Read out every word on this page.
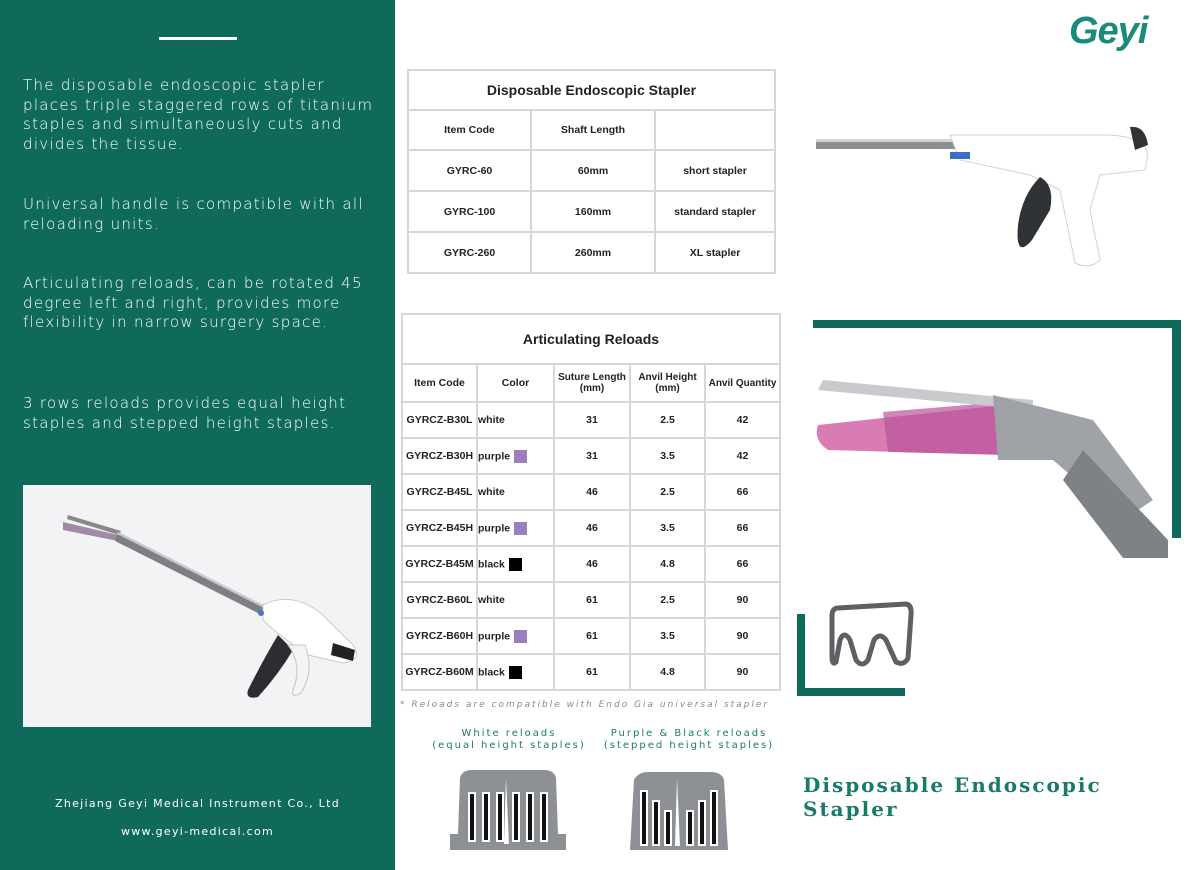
The disposable endoscopic stapler places triple staggered rows of titanium staples and simultaneously cuts and divides the tissue.
Universal handle is compatible with all reloading units.
Articulating reloads, can be rotated 45 degree left and right, provides more flexibility in narrow surgery space.
3 rows reloads provides equal height staples and stepped height staples.
Zhejiang Geyi Medical Instrument Co., Ltd
www.geyi-medical.com
Geyi
Disposable Endoscopic Stapler		
Item Code	Shaft Length	
GYRC-60	60mm	short stapler
GYRC-100	160mm	standard stapler
GYRC-260	260mm	XL stapler
Articulating Reloads				
Item Code	Color	Suture Length (mm)	Anvil Height (mm)	Anvil Quantity
GYRCZ-B30L	white	31	2.5	42
GYRCZ-B30H	purple	31	3.5	42
GYRCZ-B45L	white	46	2.5	66
GYRCZ-B45H	purple	46	3.5	66
GYRCZ-B45M	black	46	4.8	66
GYRCZ-B60L	white	61	2.5	90
GYRCZ-B60H	purple	61	3.5	90
GYRCZ-B60M	black	61	4.8	90
* Reloads are compatible with Endo Gia universal stapler
White reloads
(equal height staples)
Purple & Black reloads
(stepped height staples)
Disposable Endoscopic Stapler
